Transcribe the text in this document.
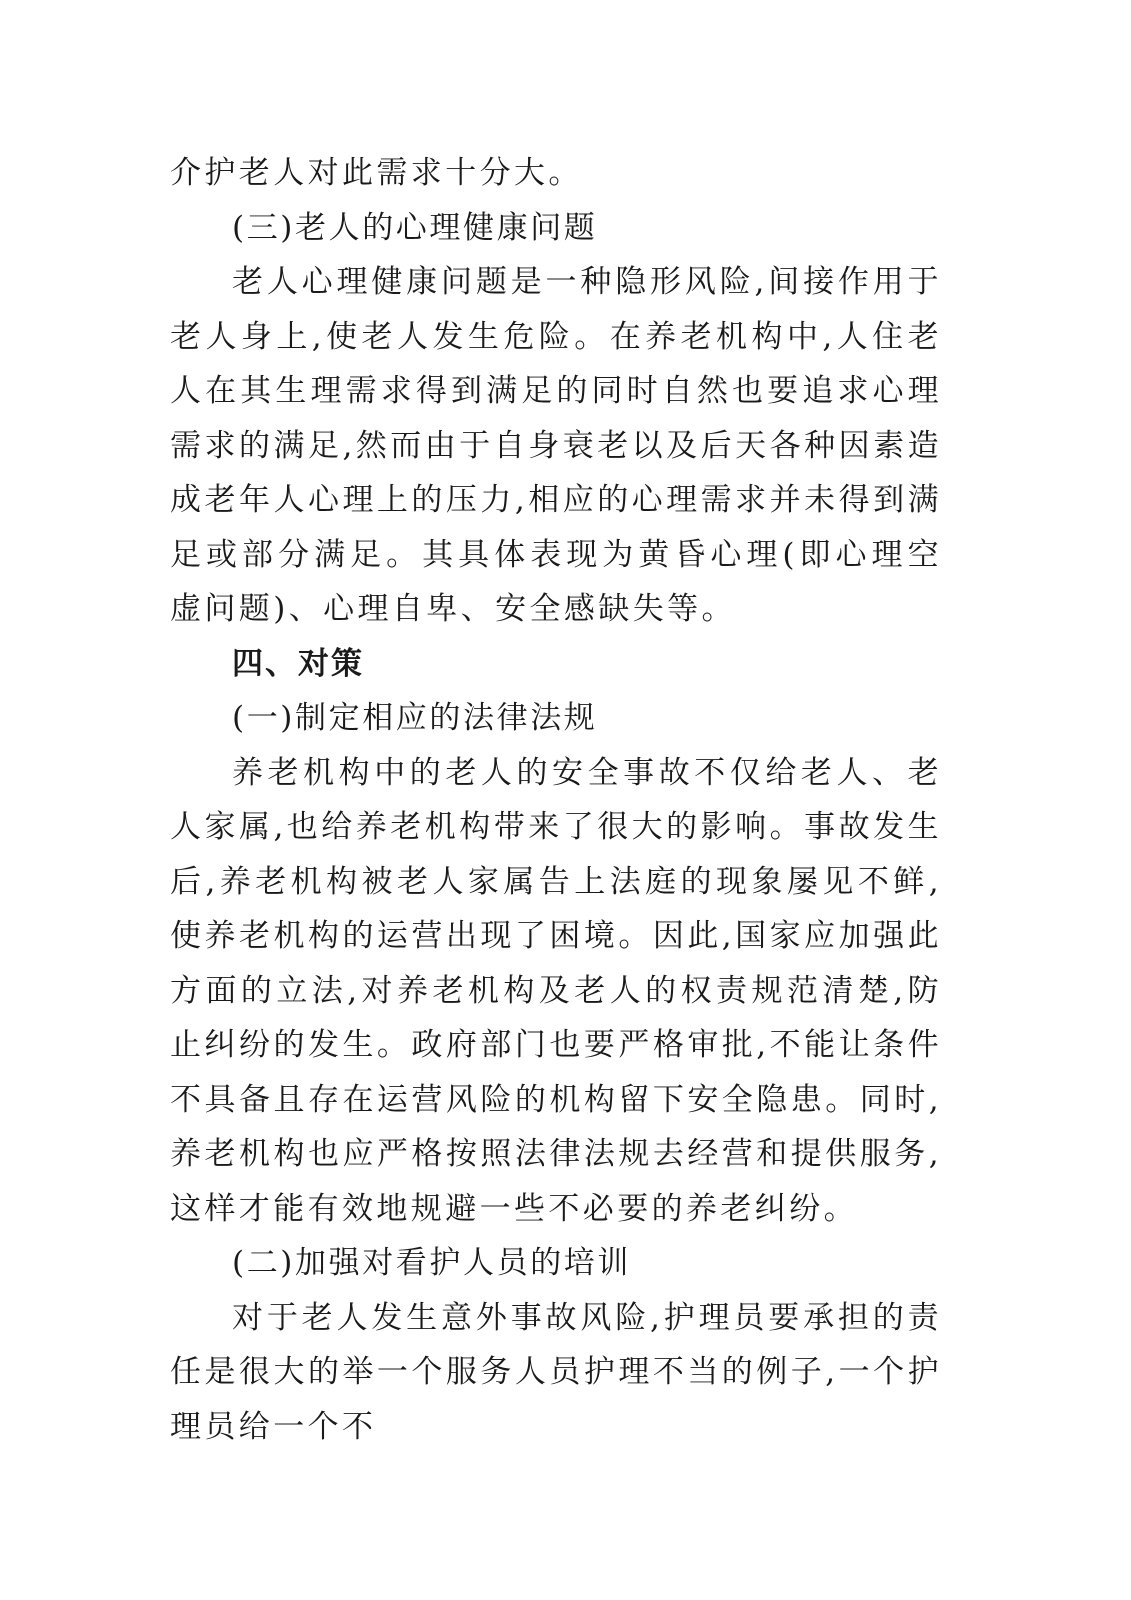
介护老人对此需求十分大。

(三)老人的心理健康问题

老人心理健康问题是一种隐形风险,间接作用于老人身上,使老人发生危险。在养老机构中,人住老人在其生理需求得到满足的同时自然也要追求心理需求的满足,然而由于自身衰老以及后天各种因素造成老年人心理上的压力,相应的心理需求并未得到满足或部分满足。其具体表现为黄昏心理(即心理空虚问题)、心理自卑、安全感缺失等。

四、对策

(一)制定相应的法律法规

养老机构中的老人的安全事故不仅给老人、老人家属,也给养老机构带来了很大的影响。事故发生后,养老机构被老人家属告上法庭的现象屡见不鲜,使养老机构的运营出现了困境。因此,国家应加强此方面的立法,对养老机构及老人的权责规范清楚,防止纠纷的发生。政府部门也要严格审批,不能让条件不具备且存在运营风险的机构留下安全隐患。同时,养老机构也应严格按照法律法规去经营和提供服务,这样才能有效地规避一些不必要的养老纠纷。

(二)加强对看护人员的培训

对于老人发生意外事故风险,护理员要承担的责任是很大的举一个服务人员护理不当的例子,一个护理员给一个不
